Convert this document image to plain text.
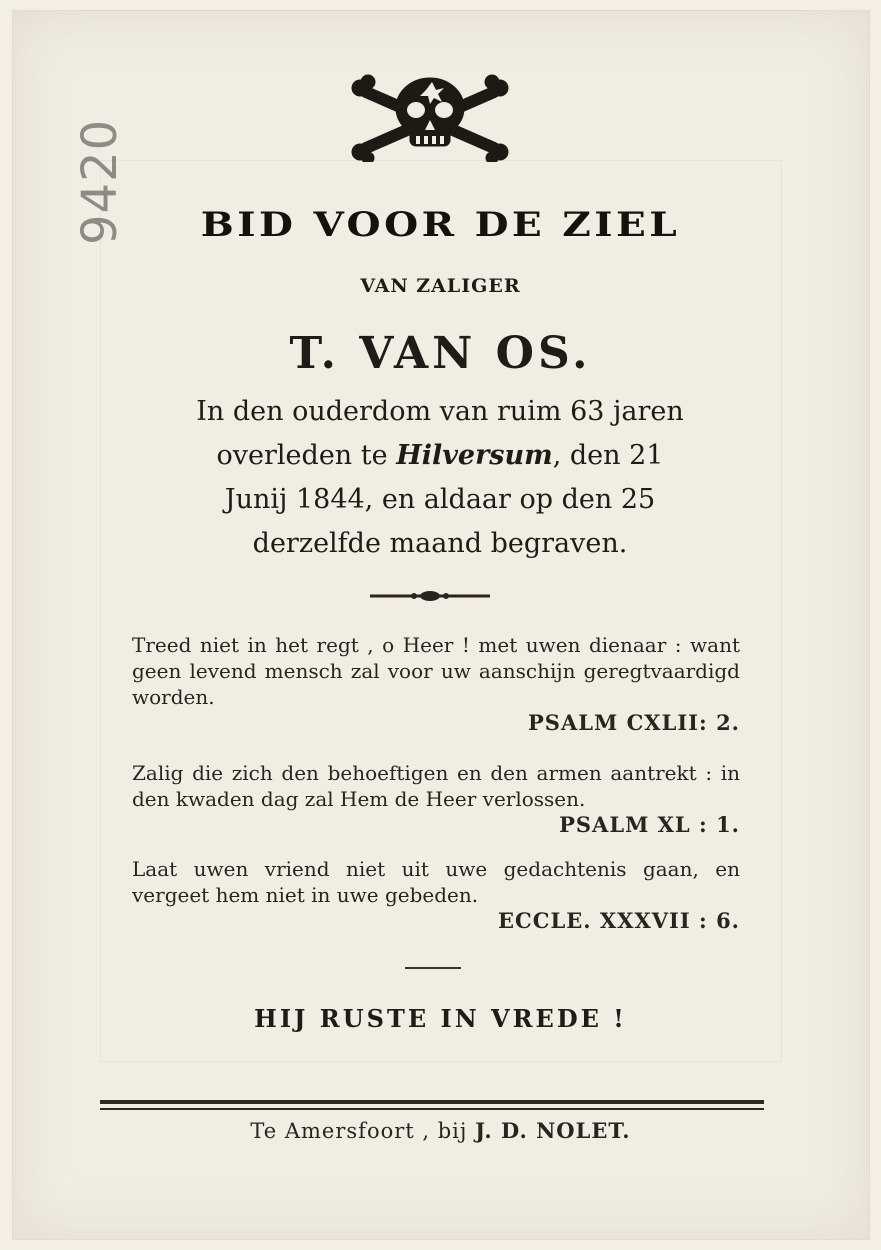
9420	BID VOOR DE ZIEL
VAN ZALIGER
T. VAN OS.
In den ouderdom van ruim 63 jaren
overleden te Hilversum, den 21
Junij 1844, en aldaar op den 25
derzelfde maand begraven.
Treed niet in het regt , o Heer ! met uwen dienaar : want geen levend mensch zal voor uw aanschijn geregtvaardigd worden.
PSALM CXLII: 2.
Zalig die zich den behoeftigen en den armen aantrekt : in den kwaden dag zal Hem de Heer verlossen.
PSALM XL : 1.
Laat uwen vriend niet uit uwe gedachtenis gaan, en vergeet hem niet in uwe gebeden.
ECCLE. XXXVII : 6.
HIJ RUSTE IN VREDE !
Te Amersfoort , bij J. D. NOLET.
